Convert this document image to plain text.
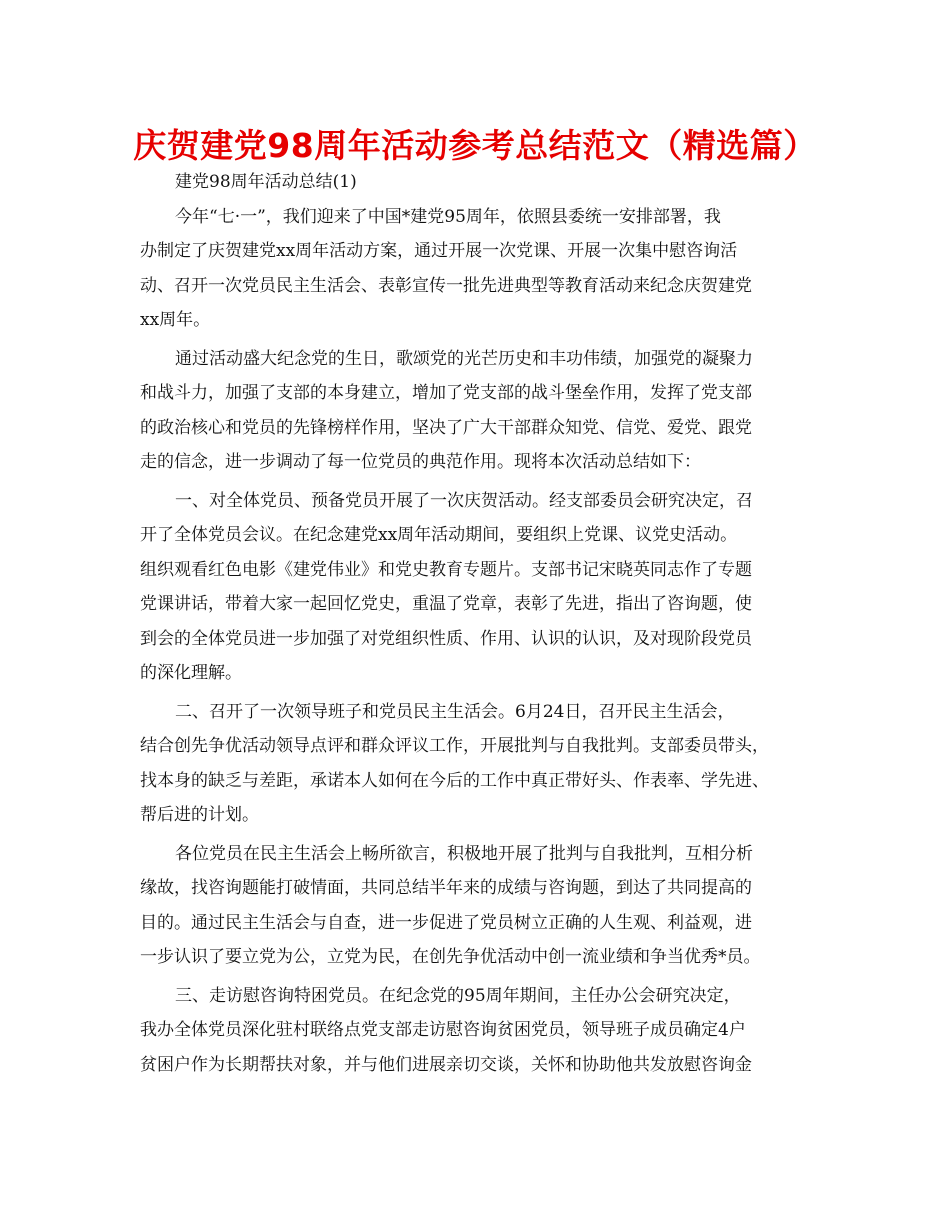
庆贺建党98周年活动参考总结范文（精选篇）

建党98周年活动总结(1)

今年“七·一”，我们迎来了中国*建党95周年，依照县委统一安排部署，我
办制定了庆贺建党xx周年活动方案，通过开展一次党课、开展一次集中慰咨询活
动、召开一次党员民主生活会、表彰宣传一批先进典型等教育活动来纪念庆贺建党
xx周年。

通过活动盛大纪念党的生日，歌颂党的光芒历史和丰功伟绩，加强党的凝聚力
和战斗力，加强了支部的本身建立，增加了党支部的战斗堡垒作用，发挥了党支部
的政治核心和党员的先锋榜样作用，坚决了广大干部群众知党、信党、爱党、跟党
走的信念，进一步调动了每一位党员的典范作用。现将本次活动总结如下：

一、对全体党员、预备党员开展了一次庆贺活动。经支部委员会研究决定，召
开了全体党员会议。在纪念建党xx周年活动期间，要组织上党课、议党史活动。
组织观看红色电影《建党伟业》和党史教育专题片。支部书记宋晓英同志作了专题
党课讲话，带着大家一起回忆党史，重温了党章，表彰了先进，指出了咨询题，使
到会的全体党员进一步加强了对党组织性质、作用、认识的认识，及对现阶段党员
的深化理解。

二、召开了一次领导班子和党员民主生活会。6月24日，召开民主生活会，
结合创先争优活动领导点评和群众评议工作，开展批判与自我批判。支部委员带头，
找本身的缺乏与差距，承诺本人如何在今后的工作中真正带好头、作表率、学先进、
帮后进的计划。

各位党员在民主生活会上畅所欲言，积极地开展了批判与自我批判，互相分析
缘故，找咨询题能打破情面，共同总结半年来的成绩与咨询题，到达了共同提高的
目的。通过民主生活会与自查，进一步促进了党员树立正确的人生观、利益观，进
一步认识了要立党为公，立党为民，在创先争优活动中创一流业绩和争当优秀*员。

三、走访慰咨询特困党员。在纪念党的95周年期间，主任办公会研究决定，
我办全体党员深化驻村联络点党支部走访慰咨询贫困党员，领导班子成员确定4户
贫困户作为长期帮扶对象，并与他们进展亲切交谈，关怀和协助他共发放慰咨询金
